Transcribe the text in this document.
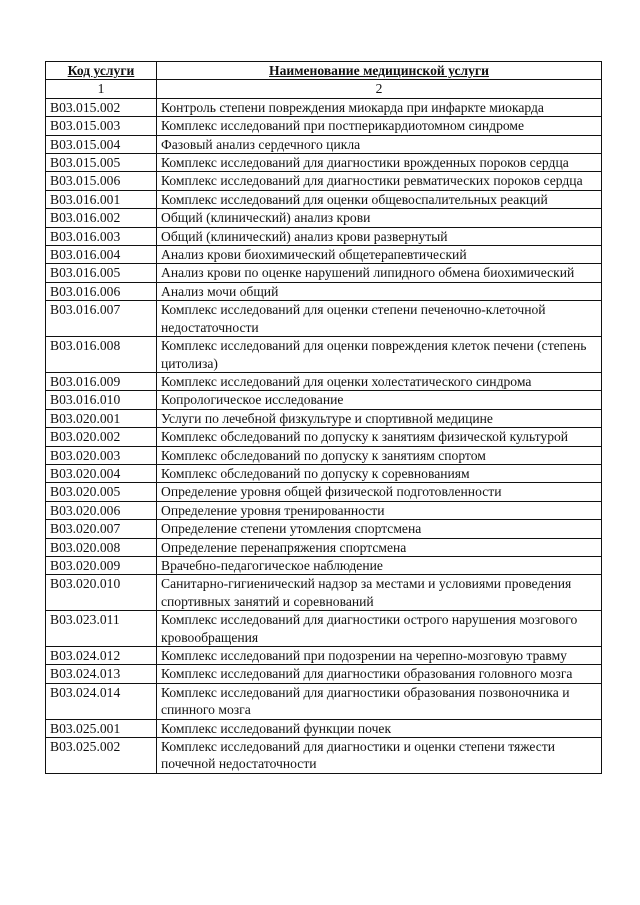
Код услуги	Наименование медицинской услуги
1	2
B03.015.002	Контроль степени повреждения миокарда при инфаркте миокарда
B03.015.003	Комплекс исследований при постперикардиотомном синдроме
B03.015.004	Фазовый анализ сердечного цикла
B03.015.005	Комплекс исследований для диагностики врожденных пороков сердца
B03.015.006	Комплекс исследований для диагностики ревматических пороков сердца
B03.016.001	Комплекс исследований для оценки общевоспалительных реакций
B03.016.002	Общий (клинический) анализ крови
B03.016.003	Общий (клинический) анализ крови развернутый
B03.016.004	Анализ крови биохимический общетерапевтический
B03.016.005	Анализ крови по оценке нарушений липидного обмена биохимический
B03.016.006	Анализ мочи общий
B03.016.007	Комплекс исследований для оценки степени печеночно-клеточной недостаточности
B03.016.008	Комплекс исследований для оценки повреждения клеток печени (степень цитолиза)
B03.016.009	Комплекс исследований для оценки холестатического синдрома
B03.016.010	Копрологическое исследование
B03.020.001	Услуги по лечебной физкультуре и спортивной медицине
B03.020.002	Комплекс обследований по допуску к занятиям физической культурой
B03.020.003	Комплекс обследований по допуску к занятиям спортом
B03.020.004	Комплекс обследований по допуску к соревнованиям
B03.020.005	Определение уровня общей физической подготовленности
B03.020.006	Определение уровня тренированности
B03.020.007	Определение степени утомления спортсмена
B03.020.008	Определение перенапряжения спортсмена
B03.020.009	Врачебно-педагогическое наблюдение
B03.020.010	Санитарно-гигиенический надзор за местами и условиями проведения спортивных занятий и соревнований
B03.023.011	Комплекс исследований для диагностики острого нарушения мозгового кровообращения
B03.024.012	Комплекс исследований при подозрении на черепно-мозговую травму
B03.024.013	Комплекс исследований для диагностики образования головного мозга
B03.024.014	Комплекс исследований для диагностики образования позвоночника и спинного мозга
B03.025.001	Комплекс исследований функции почек
B03.025.002	Комплекс исследований для диагностики и оценки степени тяжести почечной недостаточности
